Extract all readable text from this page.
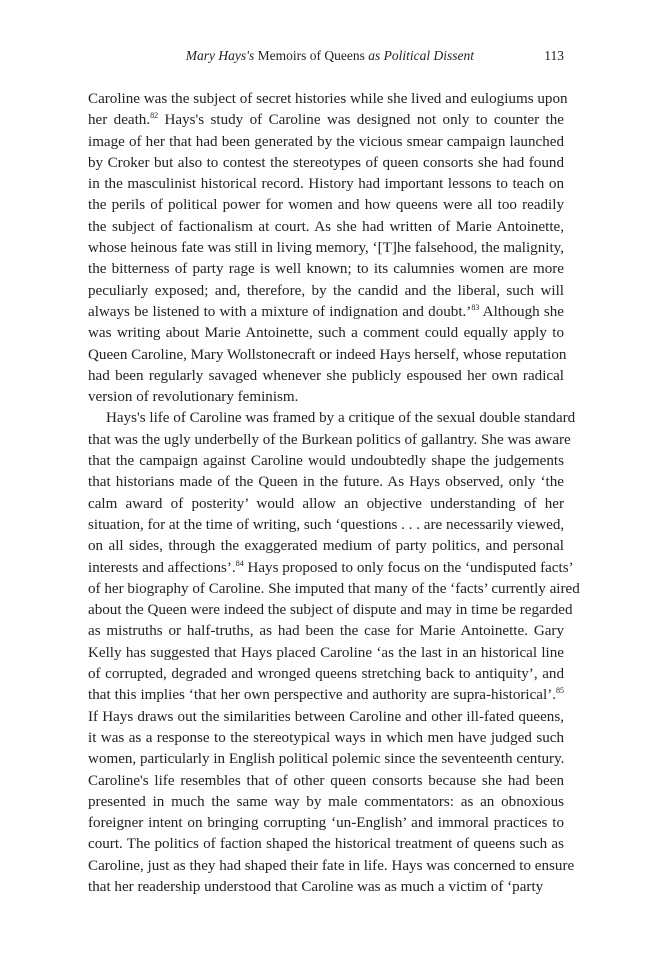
Mary Hays's Memoirs of Queens as Political Dissent	113
Caroline was the subject of secret histories while she lived and eulogiums upon
her death.$^{82}$ Hays's study of Caroline was designed not only to counter the
image of her that had been generated by the vicious smear campaign launched
by Croker but also to contest the stereotypes of queen consorts she had found
in the masculinist historical record. History had important lessons to teach on
the perils of political power for women and how queens were all too readily
the subject of factionalism at court. As she had written of Marie Antoinette,
whose heinous fate was still in living memory, ‘[T]he falsehood, the malignity,
the bitterness of party rage is well known; to its calumnies women are more
peculiarly exposed; and, therefore, by the candid and the liberal, such will
always be listened to with a mixture of indignation and doubt.’$^{83}$ Although she
was writing about Marie Antoinette, such a comment could equally apply to
Queen Caroline, Mary Wollstonecraft or indeed Hays herself, whose reputation
had been regularly savaged whenever she publicly espoused her own radical
version of revolutionary feminism.
Hays's life of Caroline was framed by a critique of the sexual double standard
that was the ugly underbelly of the Burkean politics of gallantry. She was aware
that the campaign against Caroline would undoubtedly shape the judgements
that historians made of the Queen in the future. As Hays observed, only ‘the
calm award of posterity’ would allow an objective understanding of her
situation, for at the time of writing, such ‘questions . . . are necessarily viewed,
on all sides, through the exaggerated medium of party politics, and personal
interests and affections’.$^{84}$ Hays proposed to only focus on the ‘undisputed facts’
of her biography of Caroline. She imputed that many of the ‘facts’ currently aired
about the Queen were indeed the subject of dispute and may in time be regarded
as mistruths or half-truths, as had been the case for Marie Antoinette. Gary
Kelly has suggested that Hays placed Caroline ‘as the last in an historical line
of corrupted, degraded and wronged queens stretching back to antiquity’, and
that this implies ‘that her own perspective and authority are supra-historical’.$^{85}$
If Hays draws out the similarities between Caroline and other ill-fated queens,
it was as a response to the stereotypical ways in which men have judged such
women, particularly in English political polemic since the seventeenth century.
Caroline's life resembles that of other queen consorts because she had been
presented in much the same way by male commentators: as an obnoxious
foreigner intent on bringing corrupting ‘un-English’ and immoral practices to
court. The politics of faction shaped the historical treatment of queens such as
Caroline, just as they had shaped their fate in life. Hays was concerned to ensure
that her readership understood that Caroline was as much a victim of ‘party
